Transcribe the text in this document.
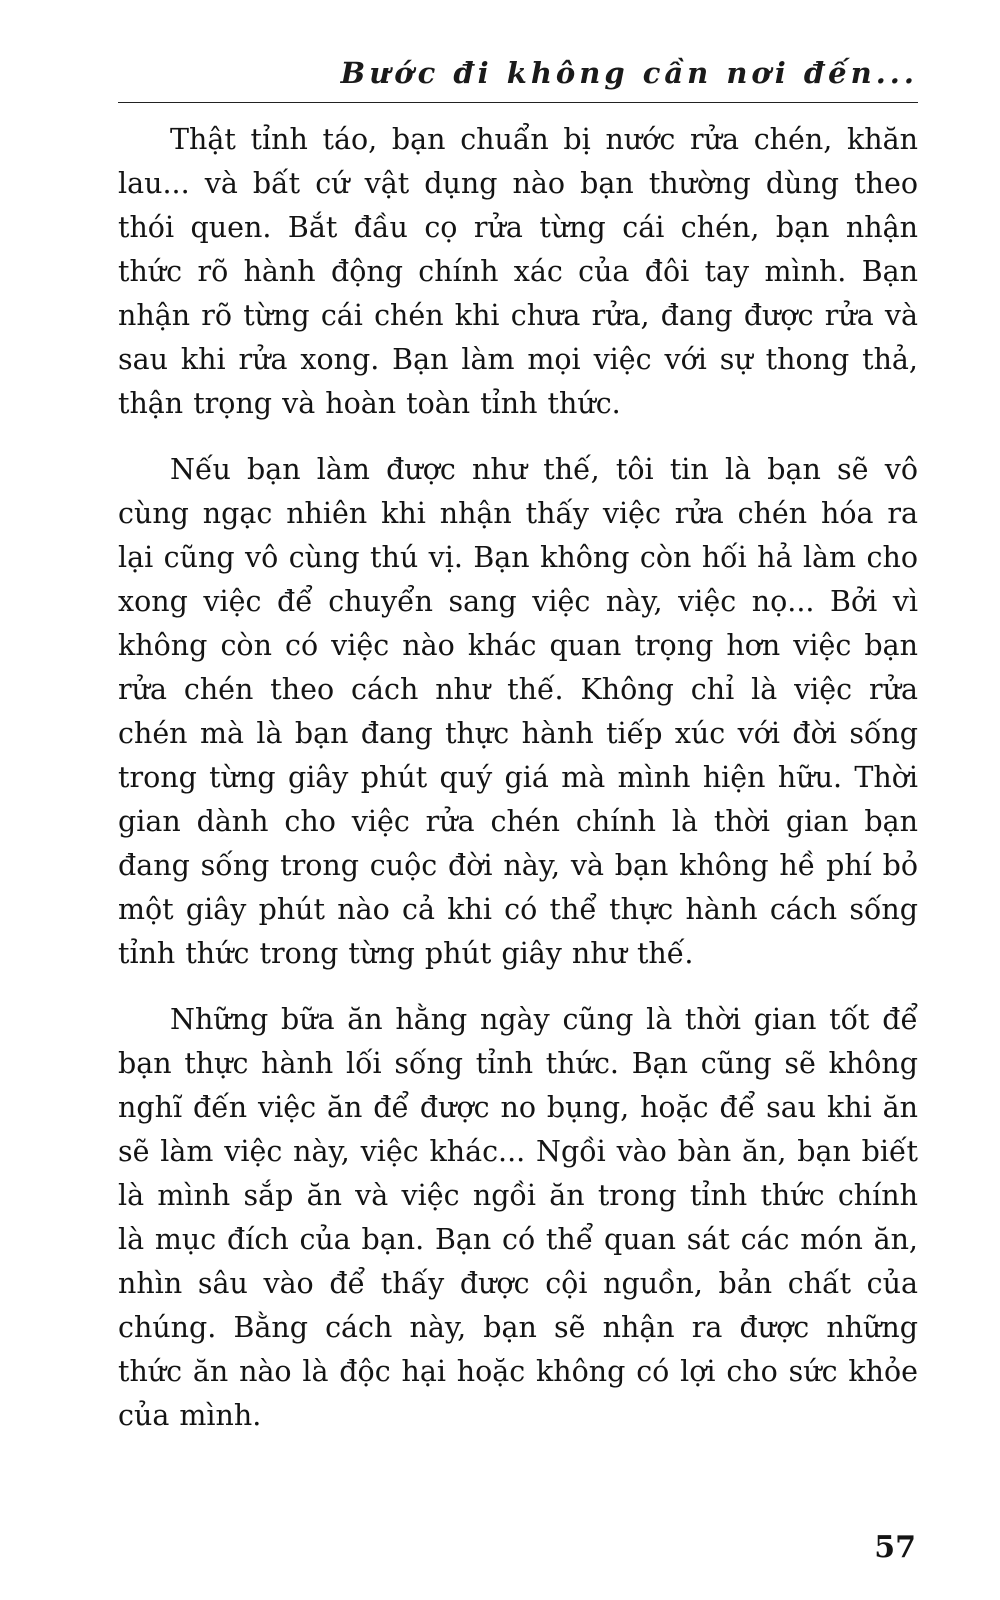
Bước đi không cần nơi đến...

Thật tỉnh táo, bạn chuẩn bị nước rửa chén, khăn lau... và bất cứ vật dụng nào bạn thường dùng theo thói quen. Bắt đầu cọ rửa từng cái chén, bạn nhận thức rõ hành động chính xác của đôi tay mình. Bạn nhận rõ từng cái chén khi chưa rửa, đang được rửa và sau khi rửa xong. Bạn làm mọi việc với sự thong thả, thận trọng và hoàn toàn tỉnh thức.

Nếu bạn làm được như thế, tôi tin là bạn sẽ vô cùng ngạc nhiên khi nhận thấy việc rửa chén hóa ra lại cũng vô cùng thú vị. Bạn không còn hối hả làm cho xong việc để chuyển sang việc này, việc nọ... Bởi vì không còn có việc nào khác quan trọng hơn việc bạn rửa chén theo cách như thế. Không chỉ là việc rửa chén mà là bạn đang thực hành tiếp xúc với đời sống trong từng giây phút quý giá mà mình hiện hữu. Thời gian dành cho việc rửa chén chính là thời gian bạn đang sống trong cuộc đời này, và bạn không hề phí bỏ một giây phút nào cả khi có thể thực hành cách sống tỉnh thức trong từng phút giây như thế.

Những bữa ăn hằng ngày cũng là thời gian tốt để bạn thực hành lối sống tỉnh thức. Bạn cũng sẽ không nghĩ đến việc ăn để được no bụng, hoặc để sau khi ăn sẽ làm việc này, việc khác... Ngồi vào bàn ăn, bạn biết là mình sắp ăn và việc ngồi ăn trong tỉnh thức chính là mục đích của bạn. Bạn có thể quan sát các món ăn, nhìn sâu vào để thấy được cội nguồn, bản chất của chúng. Bằng cách này, bạn sẽ nhận ra được những thức ăn nào là độc hại hoặc không có lợi cho sức khỏe của mình.

57
